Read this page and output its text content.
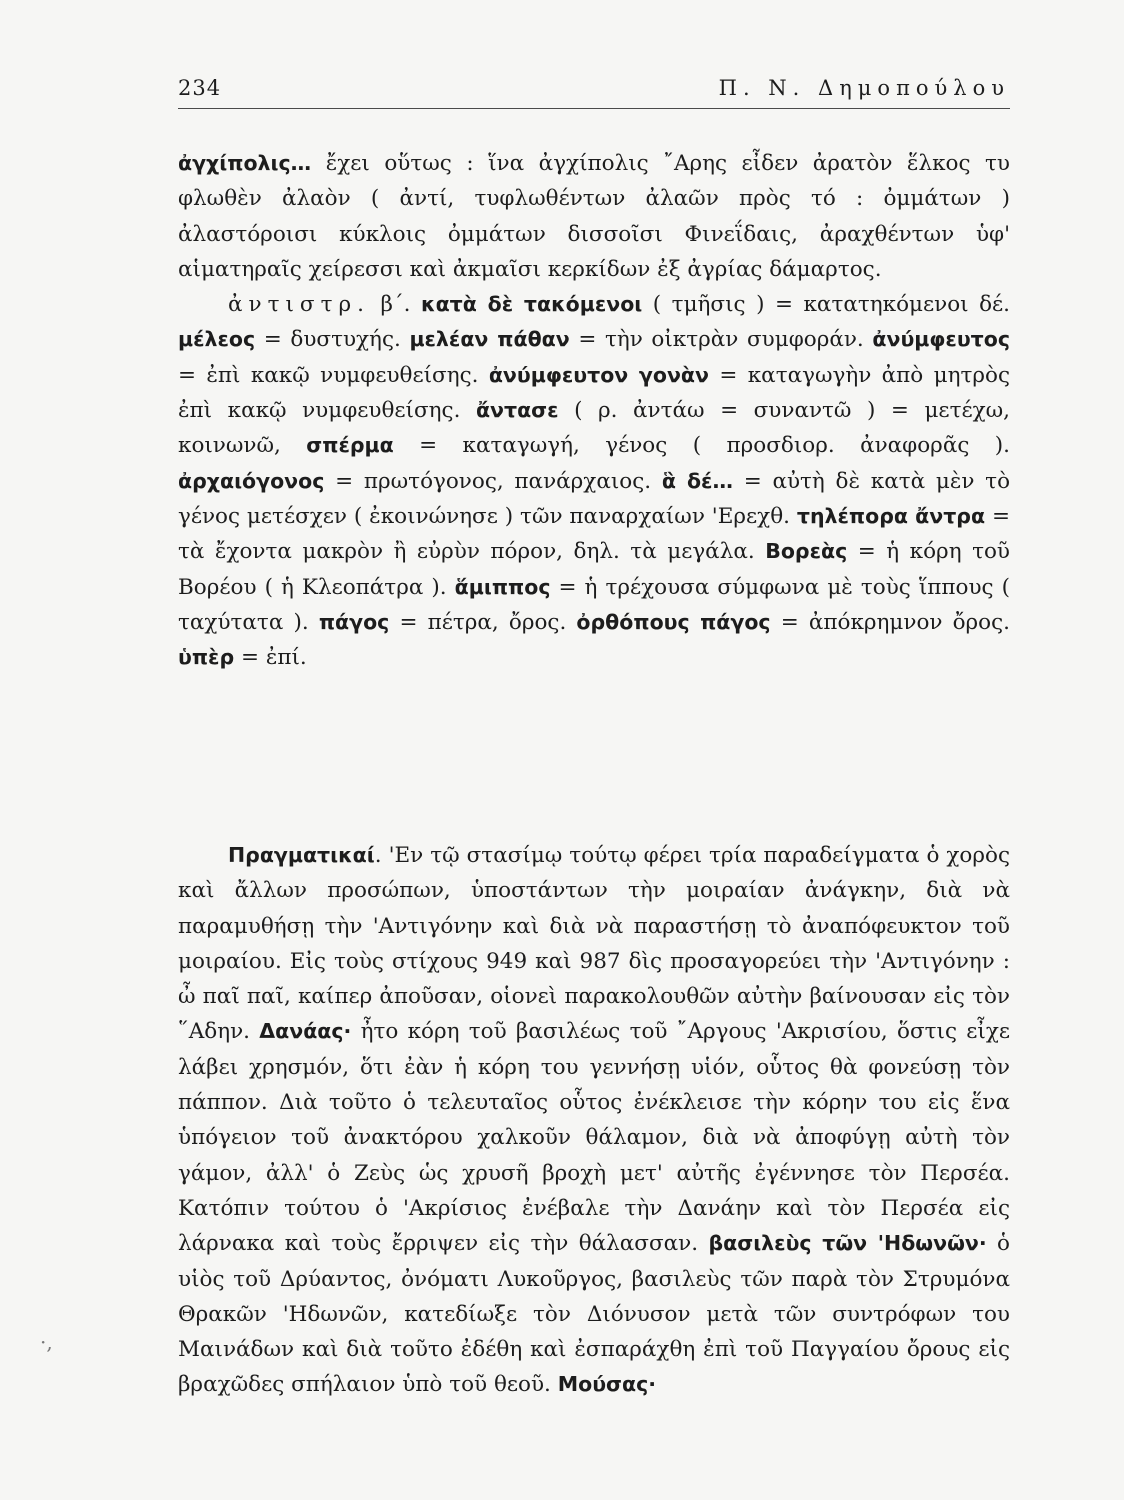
234	Π. Ν. Δημοπούλου
·,
ἀγχίπολις… ἔχει οὕτως : ἵνα ἀγχίπολις ῎Αρης εἶδεν ἀρατὸν ἕλκος τυ φλωθὲν ἀλαὸν ( ἀντί, τυφλωθέντων ἀλαῶν πρὸς τό : ὀμμάτων ) ἀλαστόροισι κύκλοις ὀμμάτων δισσοῖσι Φινεΐδαις, ἀραχθέντων ὑφ' αἱματηραῖς χείρεσσι καὶ ἀκμαῖσι κερκίδων ἐξ ἀγρίας δάμαρτος.
ἀντιστρ. β΄. κατὰ δὲ τακόμενοι ( τμῆσις ) = κατατηκόμενοι δέ. μέλεος = δυστυχής. μελέαν πάθαν = τὴν οἰκτρὰν συμφοράν. ἀνύμφευτος = ἐπὶ κακῷ νυμφευθείσης. ἀνύμφευτον γονὰν = καταγωγὴν ἀπὸ μητρὸς ἐπὶ κακῷ νυμφευθείσης. ἄντασε ( ρ. ἀντάω = συναντῶ ) = μετέχω, κοινωνῶ, σπέρμα = καταγωγή, γένος ( προσδιορ. ἀναφορᾶς ). ἀρχαιόγονος = πρωτόγονος, πανάρχαιος. ἃ δέ… = αὐτὴ δὲ κατὰ μὲν τὸ γένος μετέσχεν ( ἐκοινώνησε ) τῶν παναρχαίων 'Ερεχθ. τηλέπορα ἄντρα = τὰ ἔχοντα μακρὸν ἢ εὐρὺν πόρον, δηλ. τὰ μεγάλα. Βορεὰς = ἡ κόρη τοῦ Βορέου ( ἡ Κλεοπάτρα ). ἅμιππος = ἡ τρέχουσα σύμφωνα μὲ τοὺς ἵππους ( ταχύτατα ). πάγος = πέτρα, ὄρος. ὀρθόπους πάγος = ἀπόκρημνον ὄρος. ὑπὲρ = ἐπί.
Πραγματικαί. 'Εν τῷ στασίμῳ τούτῳ φέρει τρία παραδείγματα ὁ χορὸς καὶ ἄλλων προσώπων, ὑποστάντων τὴν μοιραίαν ἀνάγκην, διὰ νὰ παραμυθήσῃ τὴν 'Αντιγόνην καὶ διὰ νὰ παραστήσῃ τὸ ἀναπόφευκτον τοῦ μοιραίου. Εἰς τοὺς στίχους 949 καὶ 987 δὶς προσαγορεύει τὴν 'Αντιγόνην : ὦ παῖ παῖ, καίπερ ἀποῦσαν, οἱονεὶ παρακολουθῶν αὐτὴν βαίνουσαν εἰς τὸν ῞Αδην. Δανάας· ἦτο κόρη τοῦ βασιλέως τοῦ ῎Αργους 'Ακρισίου, ὅστις εἶχε λάβει χρησμόν, ὅτι ἐὰν ἡ κόρη του γεννήσῃ υἱόν, οὗτος θὰ φονεύσῃ τὸν πάππον. Διὰ τοῦτο ὁ τελευταῖος οὗτος ἐνέκλεισε τὴν κόρην του εἰς ἕνα ὑπόγειον τοῦ ἀνακτόρου χαλκοῦν θάλαμον, διὰ νὰ ἀποφύγῃ αὐτὴ τὸν γάμον, ἀλλ' ὁ Ζεὺς ὡς χρυσῆ βροχὴ μετ' αὐτῆς ἐγέννησε τὸν Περσέα. Κατόπιν τούτου ὁ 'Ακρίσιος ἐνέβαλε τὴν Δανάην καὶ τὸν Περσέα εἰς λάρνακα καὶ τοὺς ἔρριψεν εἰς τὴν θάλασσαν. βασιλεὺς τῶν 'Ηδωνῶν· ὁ υἱὸς τοῦ Δρύαντος, ὀνόματι Λυκοῦργος, βασιλεὺς τῶν παρὰ τὸν Στρυμόνα Θρακῶν 'Ηδωνῶν, κατεδίωξε τὸν Διόνυσον μετὰ τῶν συντρόφων του Μαινάδων καὶ διὰ τοῦτο ἐδέθη καὶ ἐσπαράχθη ἐπὶ τοῦ Παγγαίου ὄρους εἰς βραχῶδες σπήλαιον ὑπὸ τοῦ θεοῦ. Μούσας·
